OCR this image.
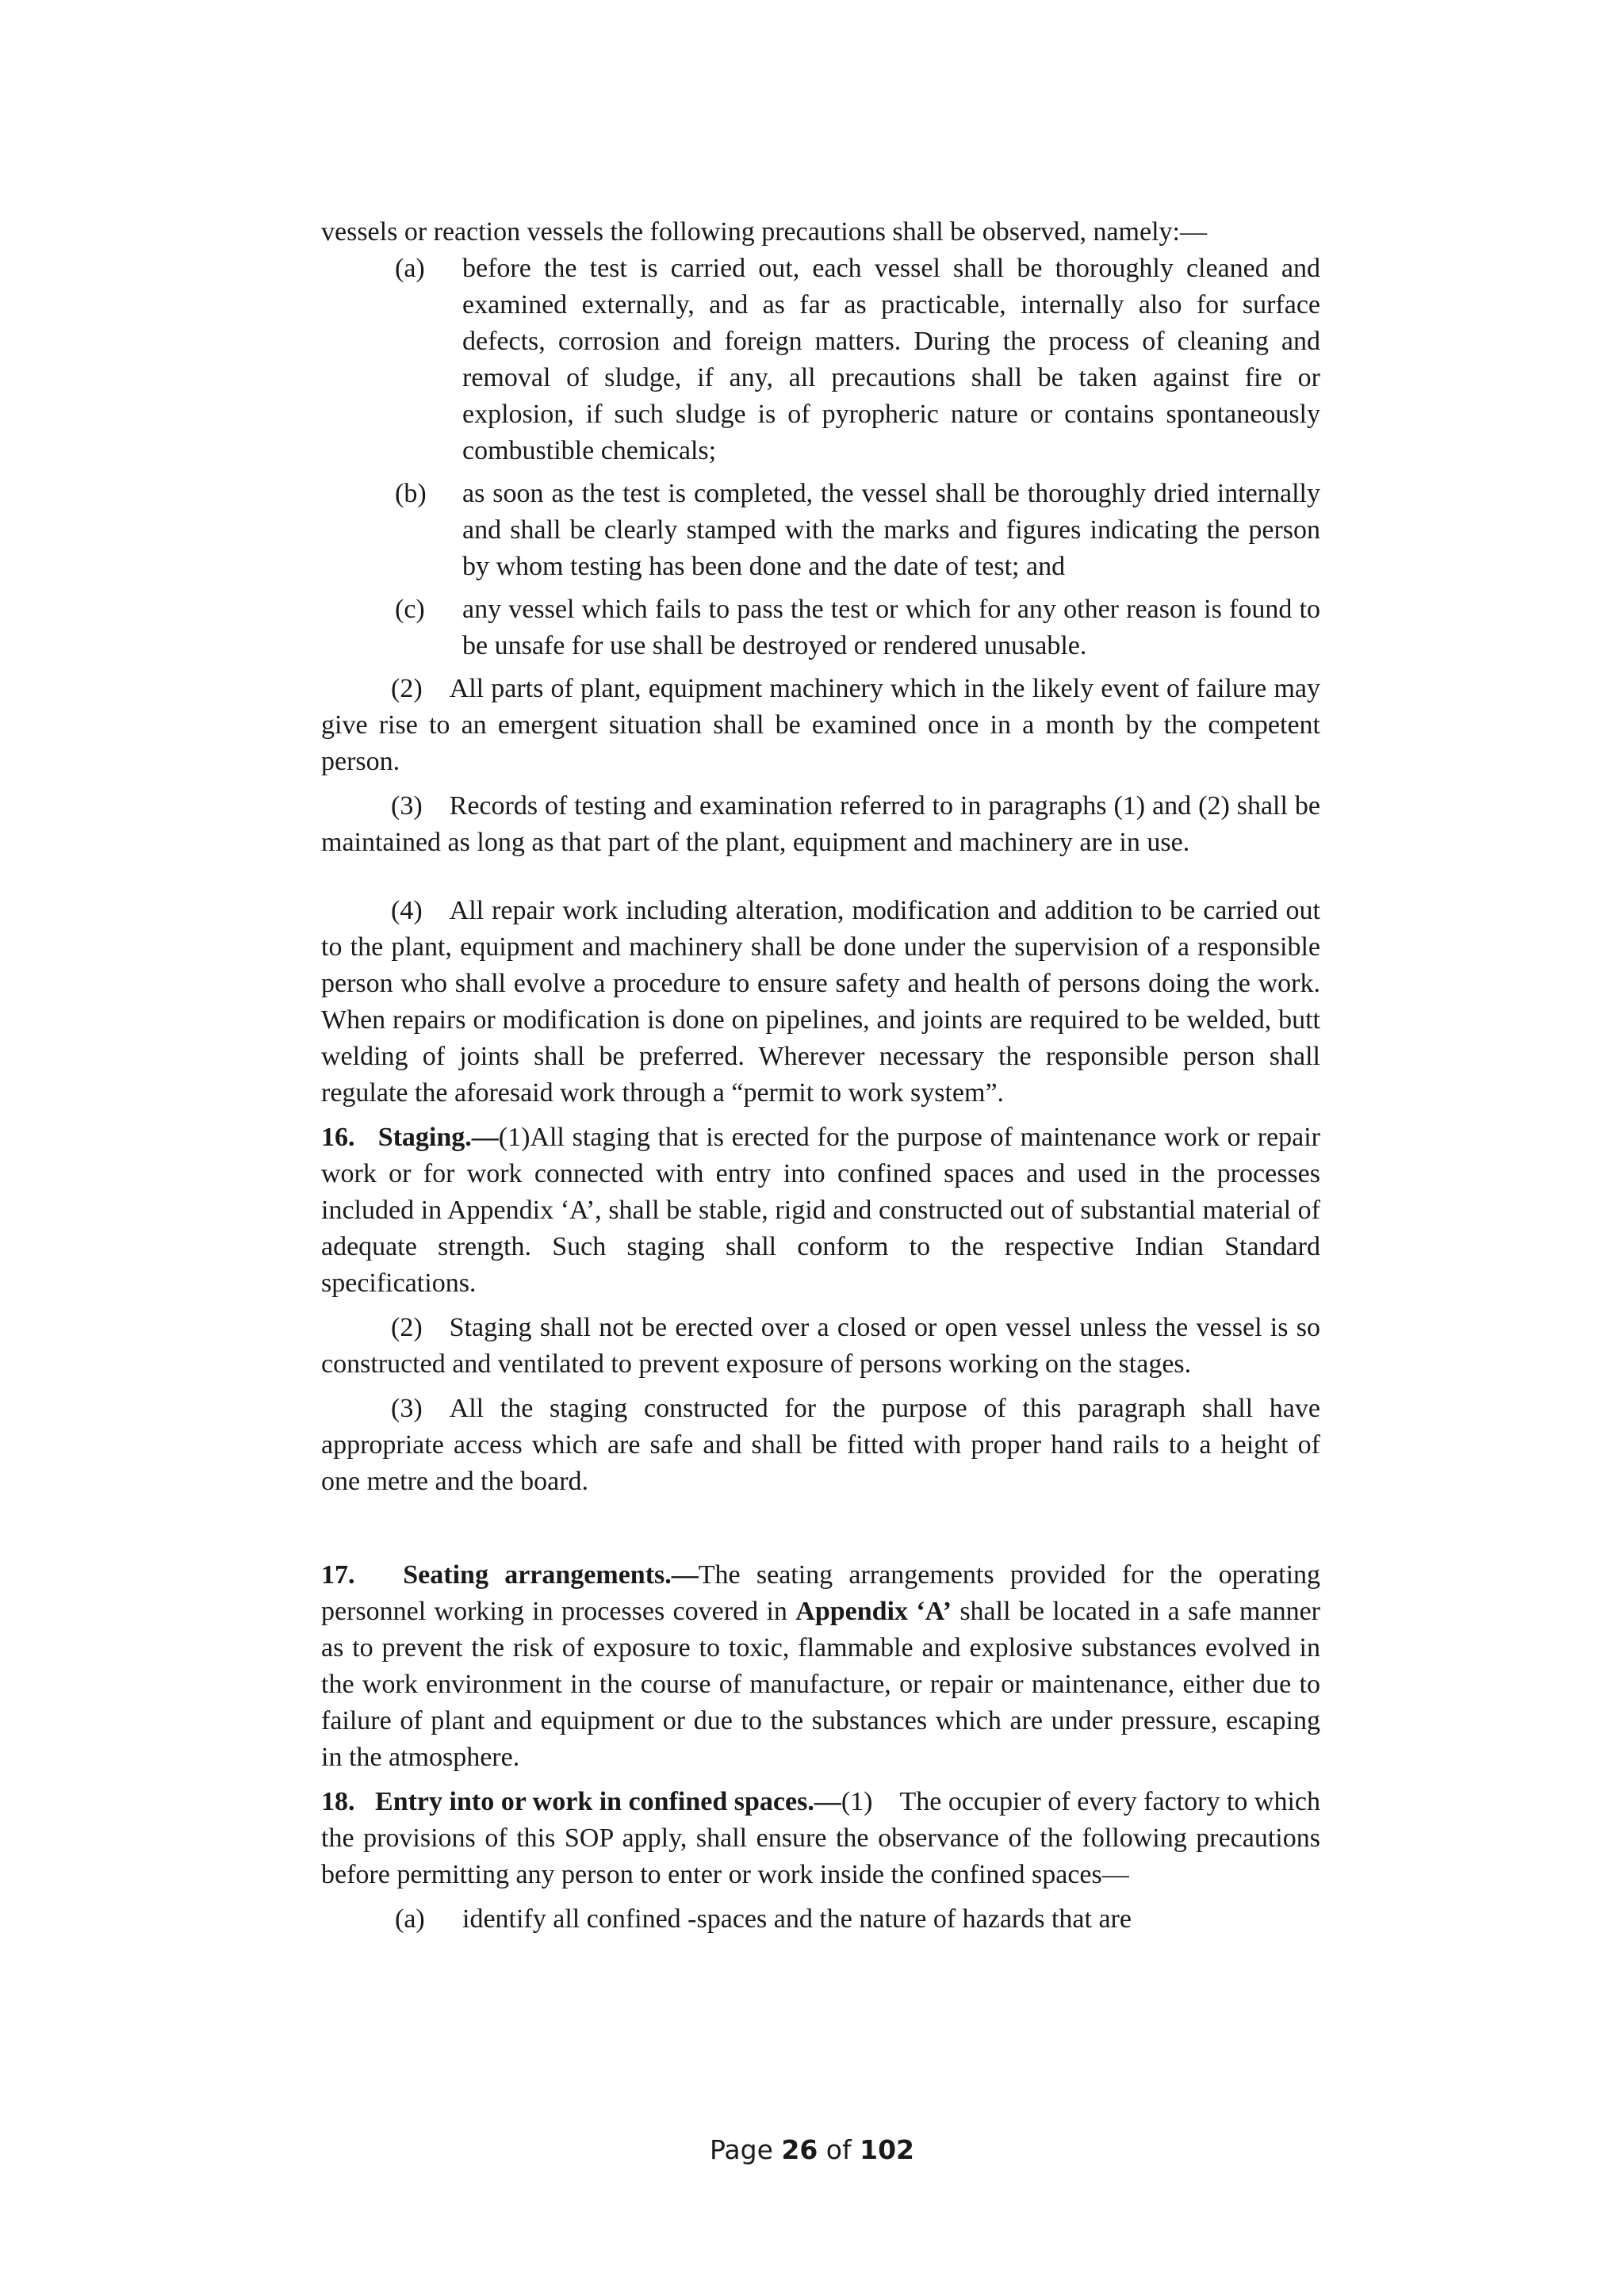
vessels or reaction vessels the following precautions shall be observed, namely:—

(a)	before the test is carried out, each vessel shall be thoroughly cleaned and examined externally, and as far as practicable, internally also for surface defects, corrosion and foreign matters. During the process of cleaning and removal of sludge, if any, all precautions shall be taken against fire or explosion, if such sludge is of pyropheric nature or contains spontaneously combustible chemicals;
(b)	as soon as the test is completed, the vessel shall be thoroughly dried internally and shall be clearly stamped with the marks and figures indicating the person by whom testing has been done and the date of test; and
(c)	any vessel which fails to pass the test or which for any other reason is found to be unsafe for use shall be destroyed or rendered unusable.

(2) All parts of plant, equipment machinery which in the likely event of failure may give rise to an emergent situation shall be examined once in a month by the competent person.

(3) Records of testing and examination referred to in paragraphs (1) and (2) shall be maintained as long as that part of the plant, equipment and machinery are in use.

(4) All repair work including alteration, modification and addition to be carried out to the plant, equipment and machinery shall be done under the supervision of a responsible person who shall evolve a procedure to ensure safety and health of persons doing the work. When repairs or modification is done on pipelines, and joints are required to be welded, butt welding of joints shall be preferred. Wherever necessary the responsible person shall regulate the aforesaid work through a “permit to work system”.

16. Staging.—(1)All staging that is erected for the purpose of maintenance work or repair work or for work connected with entry into confined spaces and used in the processes included in Appendix ‘A’, shall be stable, rigid and constructed out of substantial material of adequate strength. Such staging shall conform to the respective Indian Standard specifications.

(2) Staging shall not be erected over a closed or open vessel unless the vessel is so constructed and ventilated to prevent exposure of persons working on the stages.

(3) All the staging constructed for the purpose of this paragraph shall have appropriate access which are safe and shall be fitted with proper hand rails to a height of one metre and the board.

17. Seating arrangements.—The seating arrangements provided for the operating personnel working in processes covered in Appendix ‘A’ shall be located in a safe manner as to prevent the risk of exposure to toxic, flammable and explosive substances evolved in the work environment in the course of manufacture, or repair or maintenance, either due to failure of plant and equipment or due to the substances which are under pressure, escaping in the atmosphere.

18. Entry into or work in confined spaces.—(1) The occupier of every factory to which the provisions of this SOP apply, shall ensure the observance of the following precautions before permitting any person to enter or work inside the confined spaces—

(a)	identify all confined -spaces and the nature of hazards that are
Page 26 of 102
